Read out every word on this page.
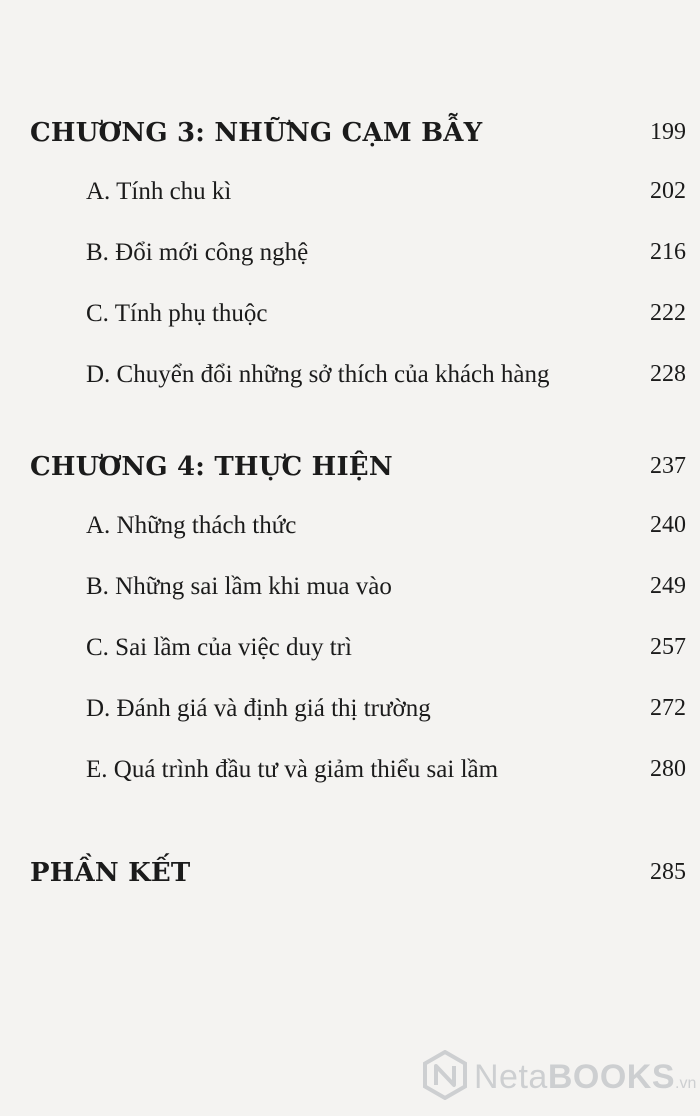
CHƯƠNG 3: NHỮNG CẠM BẪY	199
A. Tính chu kì	202
B. Đổi mới công nghệ	216
C. Tính phụ thuộc	222
D. Chuyển đổi những sở thích của khách hàng	228
CHƯƠNG 4: THỰC HIỆN	237
A. Những thách thức	240
B. Những sai lầm khi mua vào	249
C. Sai lầm của việc duy trì	257
D. Đánh giá và định giá thị trường	272
E. Quá trình đầu tư và giảm thiểu sai lầm	280
PHẦN KẾT	285
NetaBOOKS.vn
